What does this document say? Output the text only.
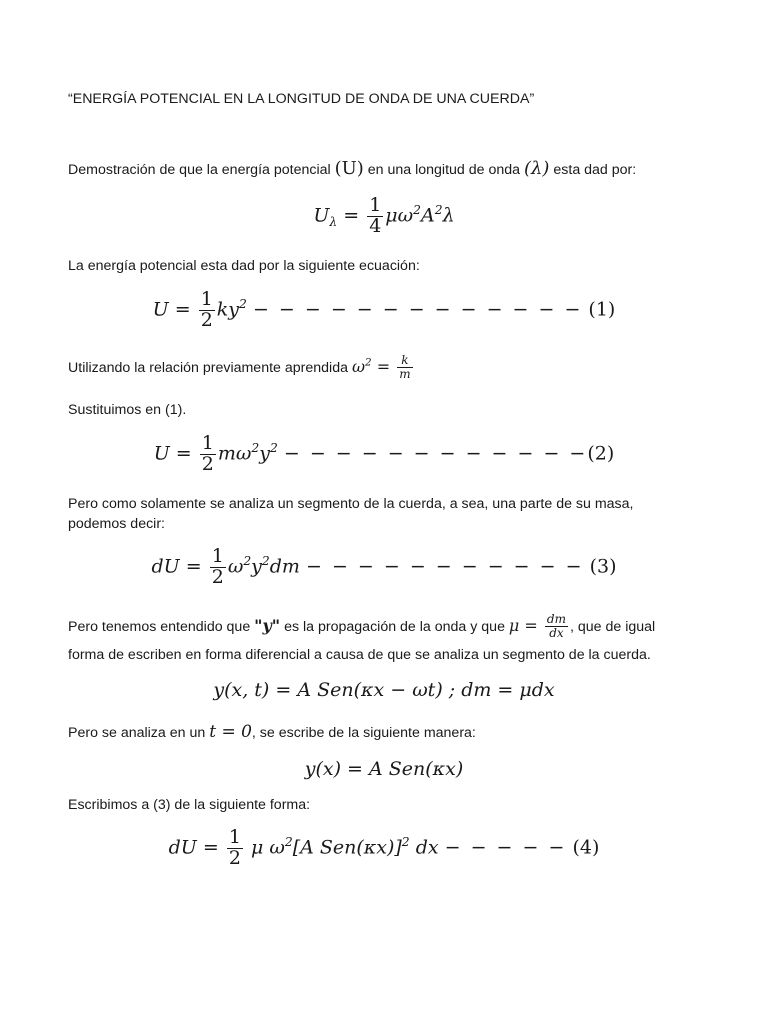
“ENERGÍA POTENCIAL EN LA LONGITUD DE ONDA DE UNA CUERDA”
Demostración de que la energía potencial (U) en una longitud de onda (λ) esta dad por:
$U_\lambda = \frac{1}{4} \mu\omega^2A^2\lambda$
La energía potencial esta dad por la siguiente ecuación:
$U = \frac{1}{2} ky^2$ − − − − − − − − − − − − − (1)
Utilizando la relación previamente aprendida $\omega^2 = \frac{k}{m}$
Sustituimos en (1).
$U = \frac{1}{2} m\omega^2y^2$ − − − − − − − − − − − −(2)
Pero como solamente se analiza un segmento de la cuerda, a sea, una parte de su masa, podemos decir:
dU = $\frac{1}{2} \omega^2y^2dm$ − − − − − − − − − − − (3)
Pero tenemos entendido que "y" es la propagación de la onda y que $\mu = \frac{dm}{dx}$ , que de igual
forma de escriben en forma diferencial a causa de que se analiza un segmento de la cuerda.
y(x, t) = A Sen(κx − ωt) ; dm = μdx
Pero se analiza en un t = 0, se escribe de la siguiente manera:
y(x) = A Sen(κx)
Escribimos a (3) de la siguiente forma:
dU = $\frac{1}{2}$ μ $\omega^2[A$ Sen(κx)]$^2$ dx − − − − − (4)
